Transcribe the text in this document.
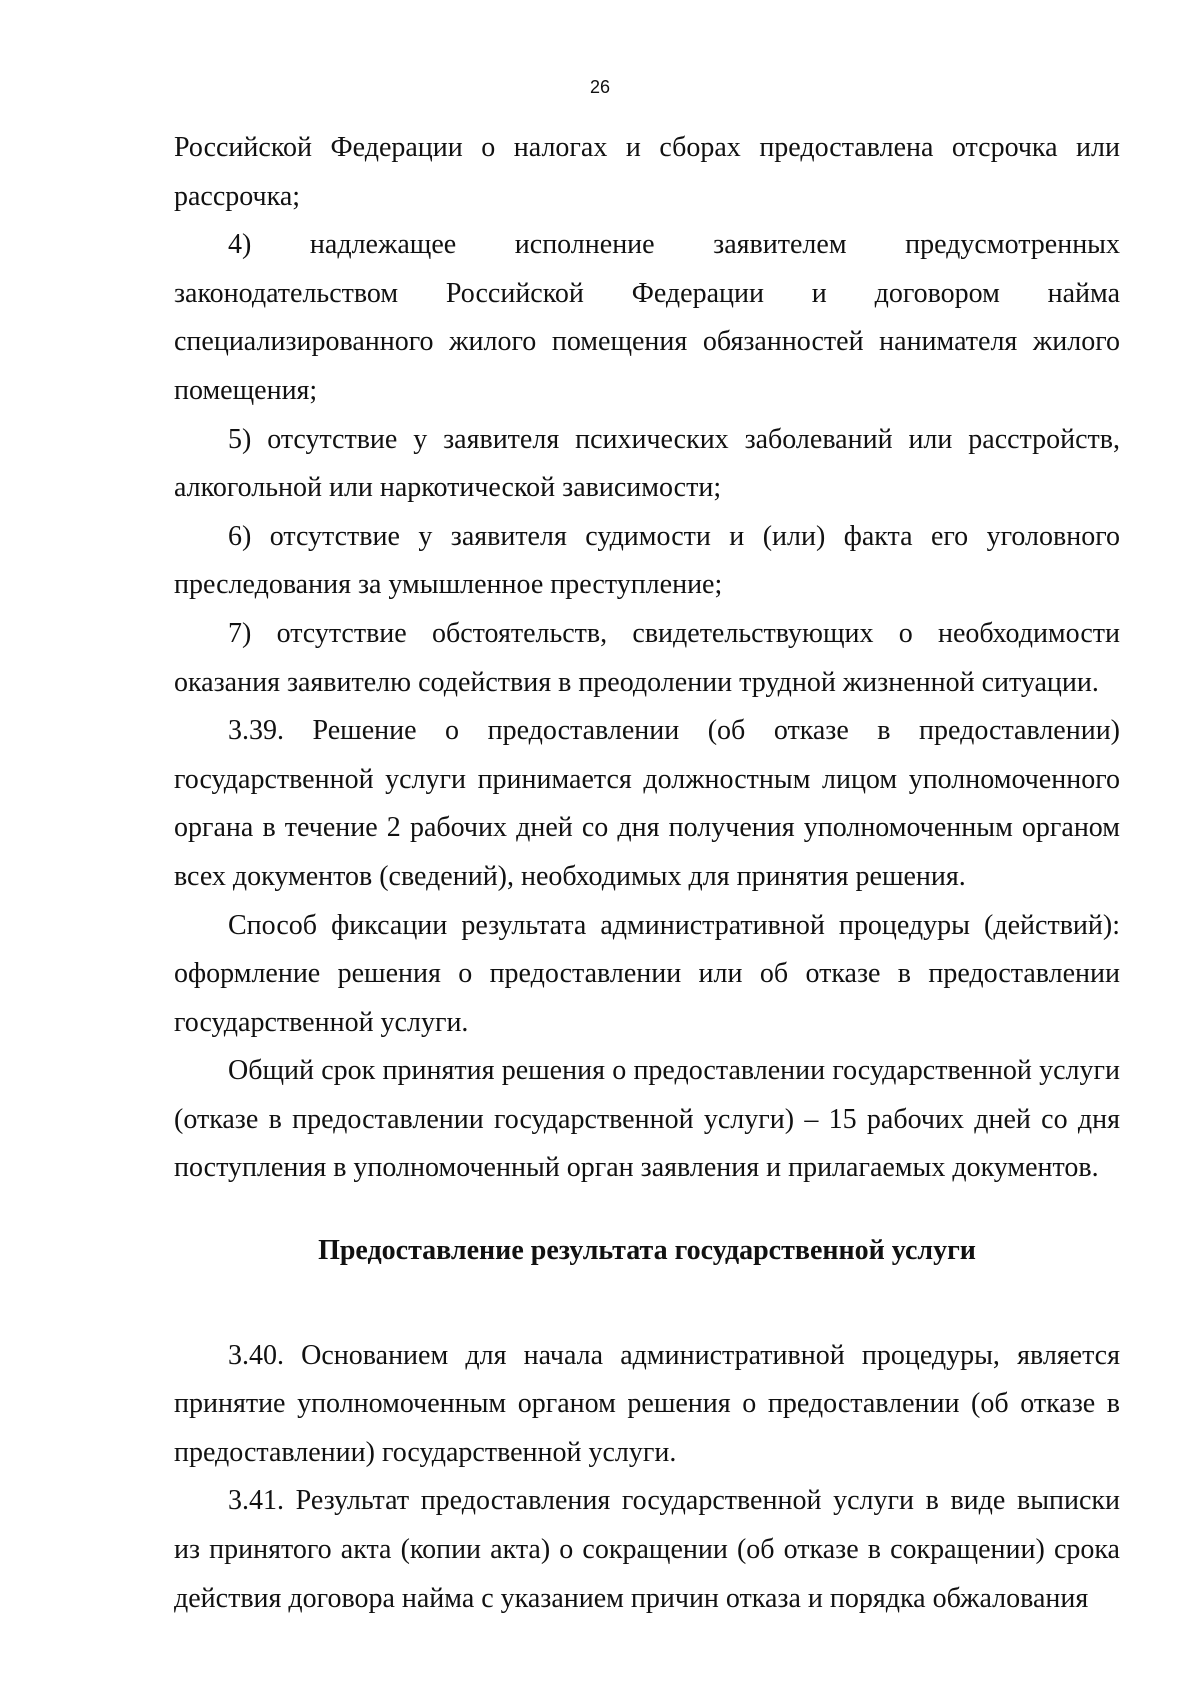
26

Российской Федерации о налогах и сборах предоставлена отсрочка или рассрочка;

4) надлежащее исполнение заявителем предусмотренных законодательством Российской Федерации и договором найма специализированного жилого помещения обязанностей нанимателя жилого помещения;

5) отсутствие у заявителя психических заболеваний или расстройств, алкогольной или наркотической зависимости;

6) отсутствие у заявителя судимости и (или) факта его уголовного преследования за умышленное преступление;

7) отсутствие обстоятельств, свидетельствующих о необходимости оказания заявителю содействия в преодолении трудной жизненной ситуации.

3.39. Решение о предоставлении (об отказе в предоставлении) государственной услуги принимается должностным лицом уполномоченного органа в течение 2 рабочих дней со дня получения уполномоченным органом всех документов (сведений), необходимых для принятия решения.

Способ фиксации результата административной процедуры (действий): оформление решения о предоставлении или об отказе в предоставлении государственной услуги.

Общий срок принятия решения о предоставлении государственной услуги (отказе в предоставлении государственной услуги) – 15 рабочих дней со дня поступления в уполномоченный орган заявления и прилагаемых документов.

Предоставление результата государственной услуги

3.40. Основанием для начала административной процедуры, является принятие уполномоченным органом решения о предоставлении (об отказе в предоставлении) государственной услуги.

3.41. Результат предоставления государственной услуги в виде выписки из принятого акта (копии акта) о сокращении (об отказе в сокращении) срока действия договора найма с указанием причин отказа и порядка обжалования
